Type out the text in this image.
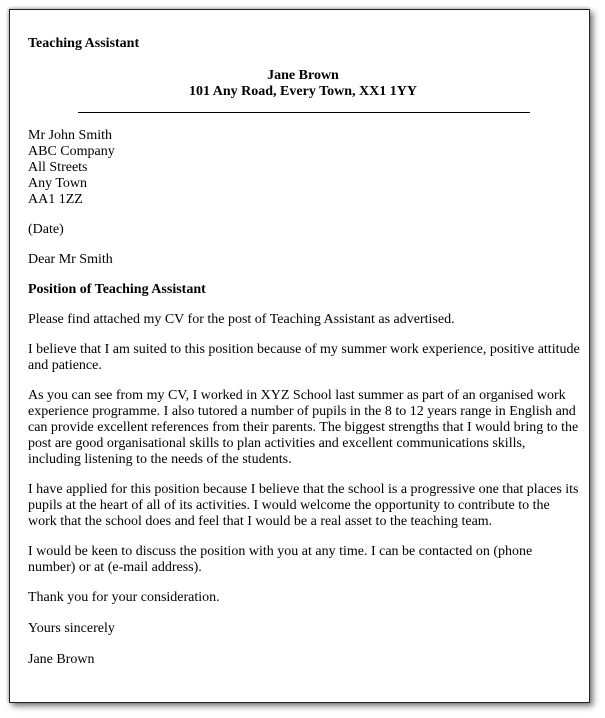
Teaching Assistant
Jane Brown
101 Any Road, Every Town, XX1 1YY
Mr John Smith
ABC Company
All Streets
Any Town
AA1 1ZZ
(Date)
Dear Mr Smith
Position of Teaching Assistant

Please find attached my CV for the post of Teaching Assistant as advertised.

I believe that I am suited to this position because of my summer work experience, positive attitude and patience.

As you can see from my CV, I worked in XYZ School last summer as part of an organised work experience programme. I also tutored a number of pupils in the 8 to 12 years range in English and can provide excellent references from their parents. The biggest strengths that I would bring to the post are good organisational skills to plan activities and excellent communications skills, including listening to the needs of the students.

I have applied for this position because I believe that the school is a progressive one that places its pupils at the heart of all of its activities. I would welcome the opportunity to contribute to the work that the school does and feel that I would be a real asset to the teaching team.

I would be keen to discuss the position with you at any time. I can be contacted on (phone number) or at (e-mail address).

Thank you for your consideration.

Yours sincerely

Jane Brown
